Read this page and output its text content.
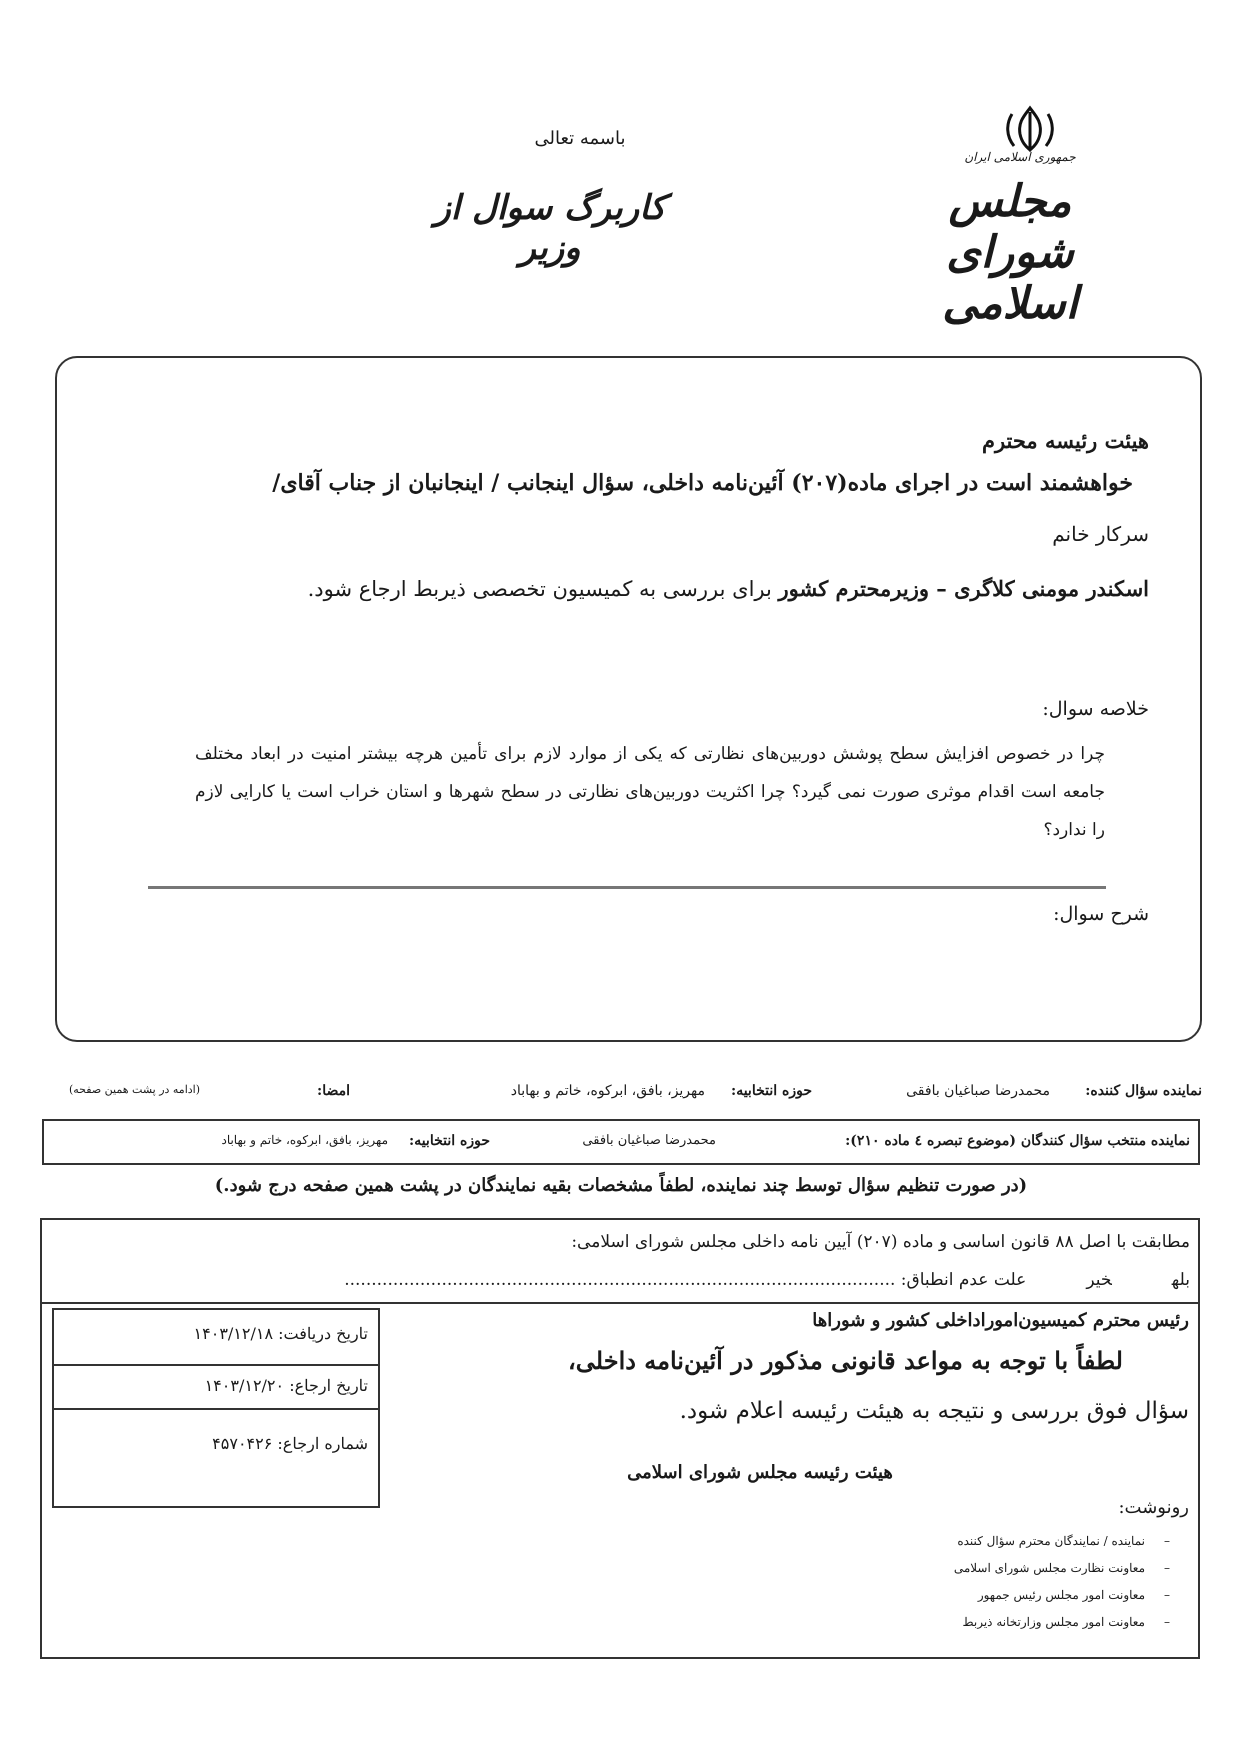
باسمه تعالی
کاربرگ سوال از وزیر
جمهوری اسلامی ایران
مجلس شورای اسلامی
هیئت رئیسه محترم
خواهشمند است در اجرای ماده(۲۰۷) آئین‌نامه داخلی، سؤال اینجانب / اینجانبان از جناب آقای/
سرکار خانم
اسکندر مومنی کلاگری – وزیرمحترم کشور برای بررسی به کمیسیون تخصصی ذیربط ارجاع شود.
خلاصه سوال:
چرا در خصوص افزایش سطح پوشش دوربین‌های نظارتی که یکی از موارد لازم برای تأمین هرچه بیشتر امنیت در ابعاد مختلف جامعه است اقدام موثری صورت نمی گیرد؟ چرا اکثریت دوربین‌های نظارتی در سطح شهرها و استان خراب است یا کارایی لازم را ندارد؟
شرح سوال:
نماینده سؤال کننده:
محمدرضا صباغیان بافقی
حوزه انتخابیه:
مهریز، بافق، ابرکوه، خاتم و بهاباد
امضا:
(ادامه در پشت همین صفحه)
نماینده منتخب سؤال کنندگان (موضوع تبصره ٤ ماده ٢١٠):
محمدرضا صباغیان بافقی
حوزه انتخابیه:
مهریز، بافق، ابرکوه، خاتم و بهاباد
(در صورت تنظیم سؤال توسط چند نماینده، لطفاً مشخصات بقیه نمایندگان در پشت همین صفحه درج شود.)
مطابقت با اصل ۸۸ قانون اساسی و ماده (۲۰۷) آیین نامه داخلی مجلس شورای اسلامی:
بلهخیرعلت عدم انطباق: ......................................................................................................
تاریخ دریافت: ۱۴۰۳/۱۲/۱۸
تاریخ ارجاع: ۱۴۰۳/۱۲/۲۰
شماره ارجاع: ۴۵۷۰۴۲۶
رئیس محترم کمیسیون‌اموراداخلی کشور و شوراها
لطفاً با توجه به مواعد قانونی مذکور در آئین‌نامه داخلی،
سؤال فوق بررسی و نتیجه به هیئت رئیسه اعلام شود.
هیئت رئیسه مجلس شورای اسلامی
رونوشت:
–نماینده / نمایندگان محترم سؤال کننده
–معاونت نظارت مجلس شورای اسلامی
–معاونت امور مجلس رئیس جمهور
–معاونت امور مجلس وزارتخانه ذیربط
